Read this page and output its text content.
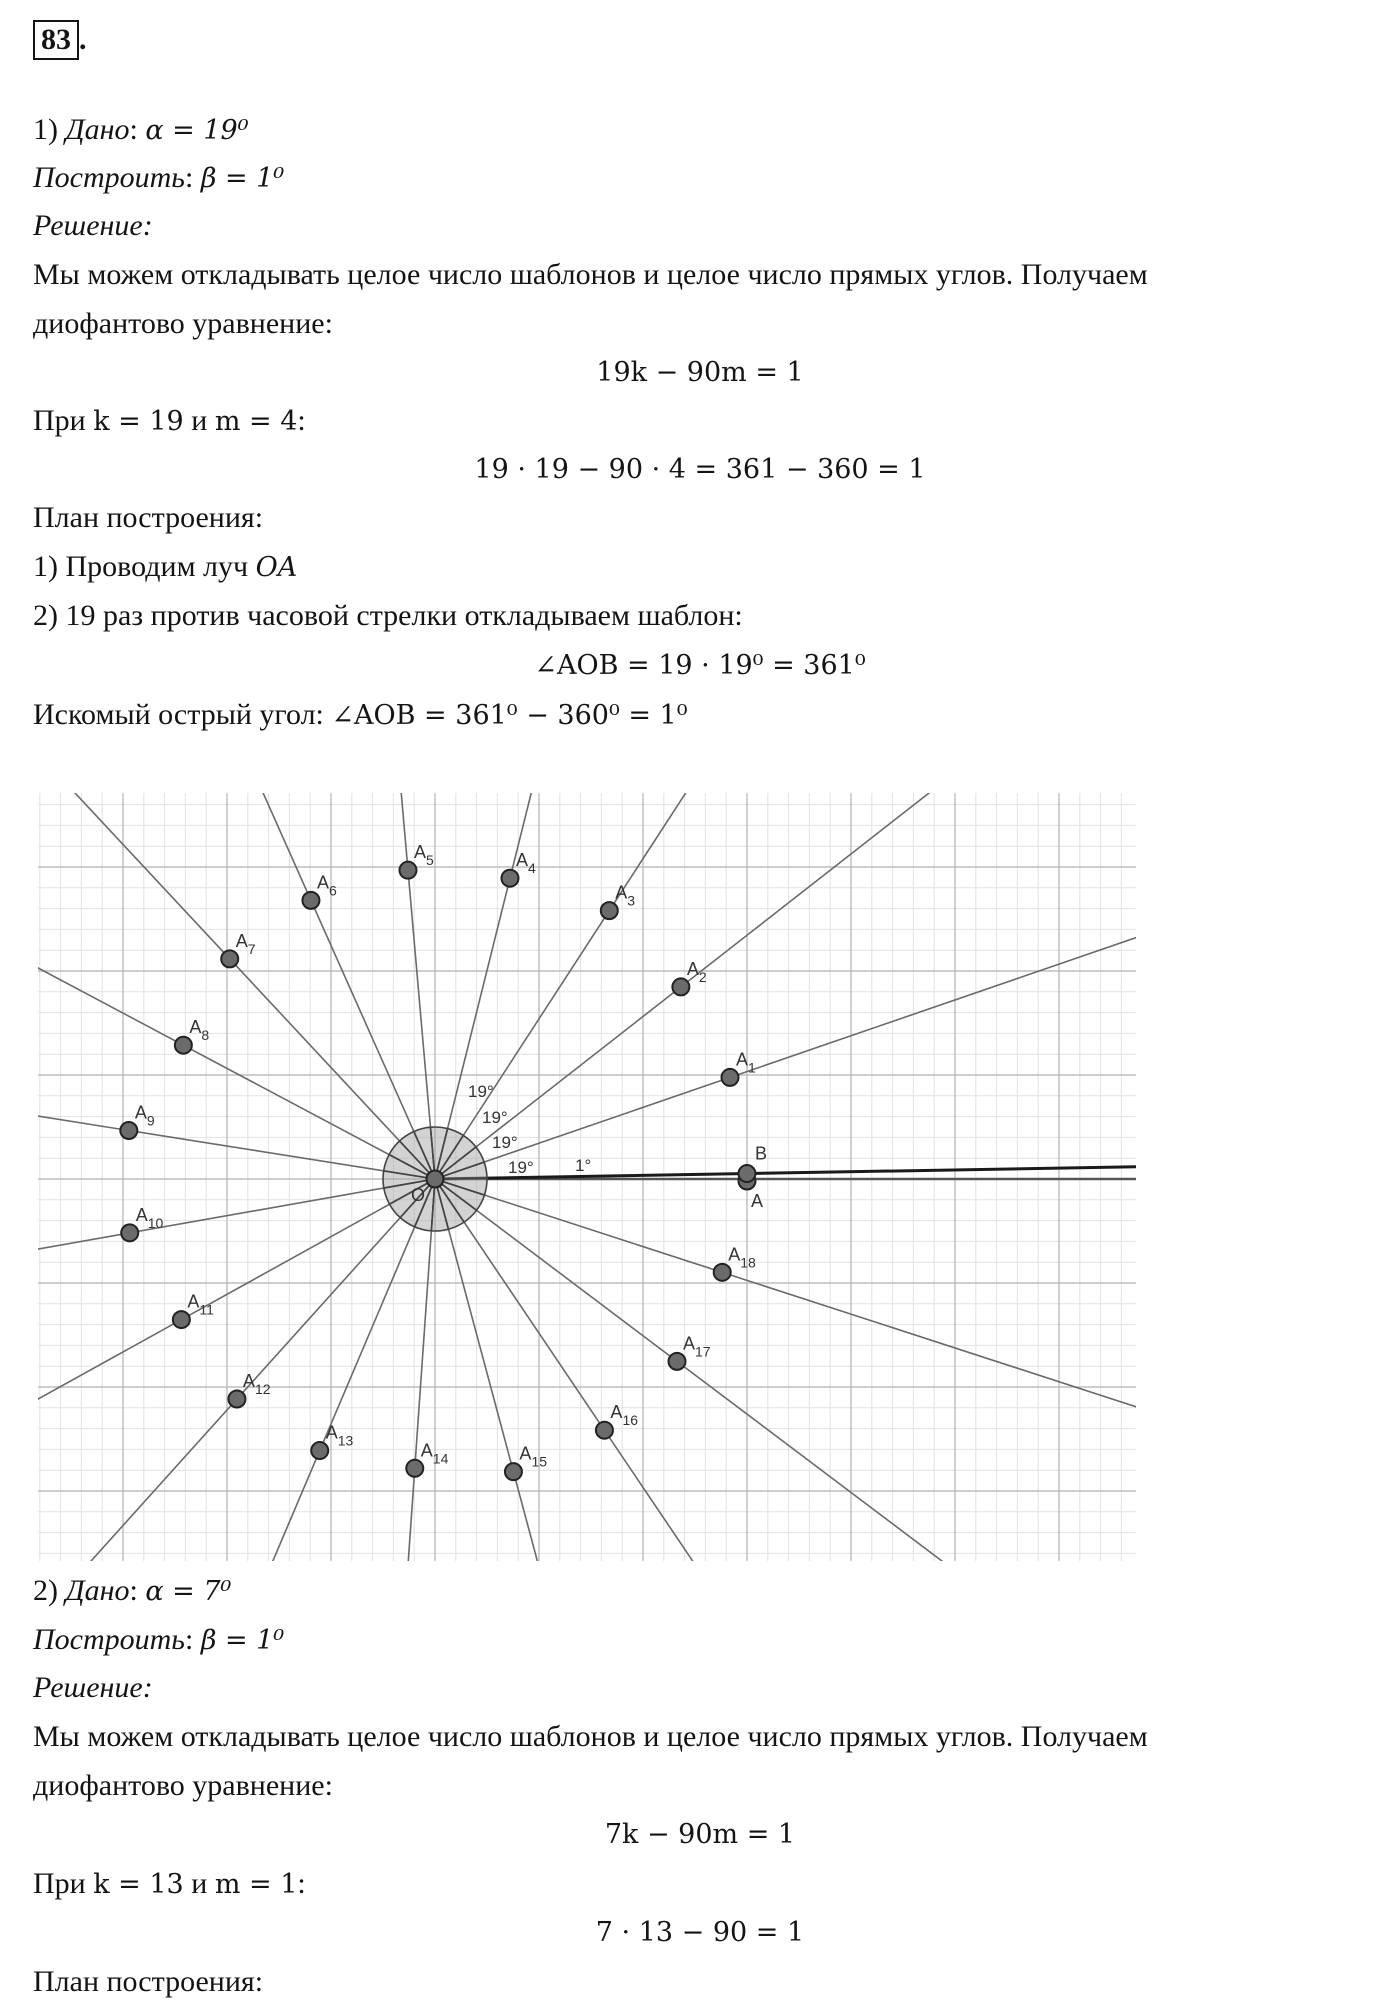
83 .
1) Дано: α = 19⁰
Построить: β = 1⁰
Решение:
Мы можем откладывать целое число шаблонов и целое число прямых углов. Получаем
диофантово уравнение:
19k − 90m = 1
При k = 19 и m = 4:
19 · 19 − 90 · 4 = 361 − 360 = 1
План построения:
1) Проводим луч OA
2) 19 раз против часовой стрелки откладываем шаблон:
∠AOB = 19 · 19⁰ = 361⁰
Искомый острый угол: ∠AOB = 361⁰ − 360⁰ = 1⁰
19°
19°
19°
19° 1°
O	A
B
$A_1$
$A_2$
$A_3$
$A_4$
$A_5$
$A_6$
$A_7$
$A_8$
$A_9$
$A_{10}$
$A_{11}$
$A_{12}$
$A_{13}$	$A_{14}$	$A_{15}$
$A_{16}$
$A_{17}$
$A_{18}$
2) Дано: α = 7⁰
Построить: β = 1⁰
Решение:
Мы можем откладывать целое число шаблонов и целое число прямых углов. Получаем
диофантово уравнение:
7k − 90m = 1
При k = 13 и m = 1:
7 · 13 − 90 = 1
План построения:
